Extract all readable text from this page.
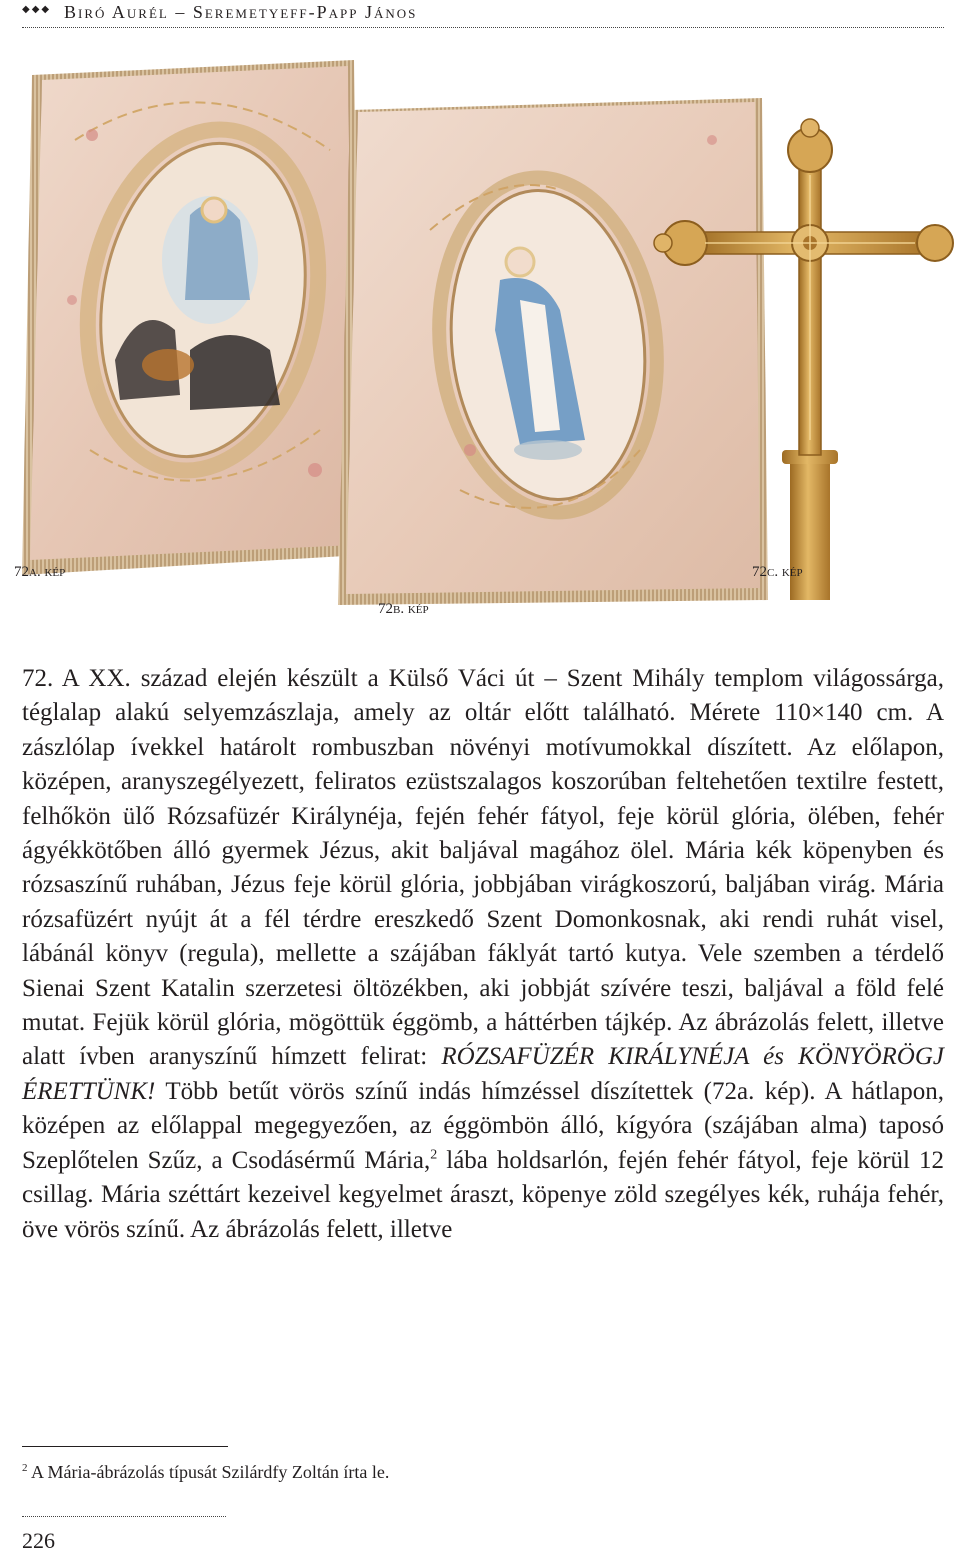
◆◆◆ Biró Aurél – Seremetyeff-Papp János
72a. kép	72c. kép
72b. kép

72. A XX. század elején készült a Külső Váci út – Szent Mihály templom világossárga, téglalap alakú selyemzászlaja, amely az oltár előtt található. Mérete 110×140 cm. A zászlólap ívekkel határolt rombuszban növényi motívumokkal díszített. Az előlapon, középen, aranyszegélyezett, feliratos ezüstszalagos koszorúban feltehetően textilre festett, felhőkön ülő Rózsafüzér Királynéja, fején fehér fátyol, feje körül glória, ölében, fehér ágyékkötőben álló gyermek Jézus, akit baljával magához ölel. Mária kék köpenyben és rózsaszínű ruhában, Jézus feje körül glória, jobbjában virágkoszorú, baljában virág. Mária rózsafüzért nyújt át a fél térdre ereszkedő Szent Domonkosnak, aki rendi ruhát visel, lábánál könyv (regula), mellette a szájában fáklyát tartó kutya. Vele szemben a térdelő Sienai Szent Katalin szerzetesi öltözékben, aki jobbját szívére teszi, baljával a föld felé mutat. Fejük körül glória, mögöttük éggömb, a háttérben tájkép. Az ábrázolás felett, illetve alatt ívben aranyszínű hímzett felirat: RÓZSAFÜZÉR KIRÁLYNÉJA és KÖNYÖRÖGJ ÉRETTÜNK! Több betűt vörös színű indás hímzéssel díszítettek (72a. kép). A hátlapon, középen az előlappal megegyezően, az éggömbön álló, kígyóra (szájában alma) taposó Szeplőtelen Szűz, a Csodásérmű Mária,$^2$ lába holdsarlón, fején fehér fátyol, feje körül 12 csillag. Mária széttárt kezeivel kegyelmet áraszt, köpenye zöld szegélyes kék, ruhája fehér, öve vörös színű. Az ábrázolás felett, illetve

$^2$ A Mária-ábrázolás típusát Szilárdfy Zoltán írta le.
226
